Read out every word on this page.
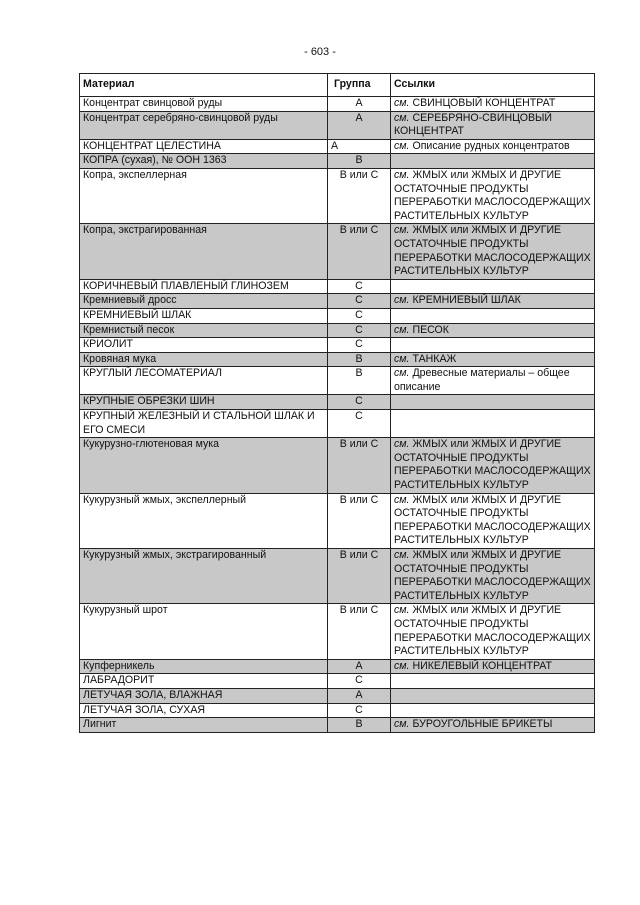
- 603 -
Материал	Группа	Ссылки
Концентрат свинцовой руды	A	см. СВИНЦОВЫЙ КОНЦЕНТРАТ
Концентрат серебряно-свинцовой руды	A	см. СЕРЕБРЯНО-СВИНЦОВЫЙ КОНЦЕНТРАТ
КОНЦЕНТРАТ ЦЕЛЕСТИНА	A	см. Описание рудных концентратов
КОПРА (сухая), № ООН 1363	B	
Копра, экспеллерная	B или C	см. ЖМЫХ или ЖМЫХ И ДРУГИЕ ОСТАТОЧНЫЕ ПРОДУКТЫ ПЕРЕРАБОТКИ МАСЛОСОДЕРЖАЩИХ РАСТИТЕЛЬНЫХ КУЛЬТУР
Копра, экстрагированная	B или C	см. ЖМЫХ или ЖМЫХ И ДРУГИЕ ОСТАТОЧНЫЕ ПРОДУКТЫ ПЕРЕРАБОТКИ МАСЛОСОДЕРЖАЩИХ РАСТИТЕЛЬНЫХ КУЛЬТУР
КОРИЧНЕВЫЙ ПЛАВЛЕНЫЙ ГЛИНОЗЕМ	C	
Кремниевый дросс	C	см. КРЕМНИЕВЫЙ ШЛАК
КРЕМНИЕВЫЙ ШЛАК	C	
Кремнистый песок	C	см. ПЕСОК
КРИОЛИТ	C	
Кровяная мука	B	см. ТАНКАЖ
КРУГЛЫЙ ЛЕСОМАТЕРИАЛ	B	см. Древесные материалы – общее описание
КРУПНЫЕ ОБРЕЗКИ ШИН	C	
КРУПНЫЙ ЖЕЛЕЗНЫЙ И СТАЛЬНОЙ ШЛАК И ЕГО СМЕСИ	C	
Кукурузно-глютеновая мука	B или C	см. ЖМЫХ или ЖМЫХ И ДРУГИЕ ОСТАТОЧНЫЕ ПРОДУКТЫ ПЕРЕРАБОТКИ МАСЛОСОДЕРЖАЩИХ РАСТИТЕЛЬНЫХ КУЛЬТУР
Кукурузный жмых, экспеллерный	B или C	см. ЖМЫХ или ЖМЫХ И ДРУГИЕ ОСТАТОЧНЫЕ ПРОДУКТЫ ПЕРЕРАБОТКИ МАСЛОСОДЕРЖАЩИХ РАСТИТЕЛЬНЫХ КУЛЬТУР
Кукурузный жмых, экстрагированный	B или C	см. ЖМЫХ или ЖМЫХ И ДРУГИЕ ОСТАТОЧНЫЕ ПРОДУКТЫ ПЕРЕРАБОТКИ МАСЛОСОДЕРЖАЩИХ РАСТИТЕЛЬНЫХ КУЛЬТУР
Кукурузный шрот	B или C	см. ЖМЫХ или ЖМЫХ И ДРУГИЕ ОСТАТОЧНЫЕ ПРОДУКТЫ ПЕРЕРАБОТКИ МАСЛОСОДЕРЖАЩИХ РАСТИТЕЛЬНЫХ КУЛЬТУР
Купферникель	A	см. НИКЕЛЕВЫЙ КОНЦЕНТРАТ
ЛАБРАДОРИТ	C	
ЛЕТУЧАЯ ЗОЛА, ВЛАЖНАЯ	A	
ЛЕТУЧАЯ ЗОЛА, СУХАЯ	C	
Лигнит	B	см. БУРОУГОЛЬНЫЕ БРИКЕТЫ
